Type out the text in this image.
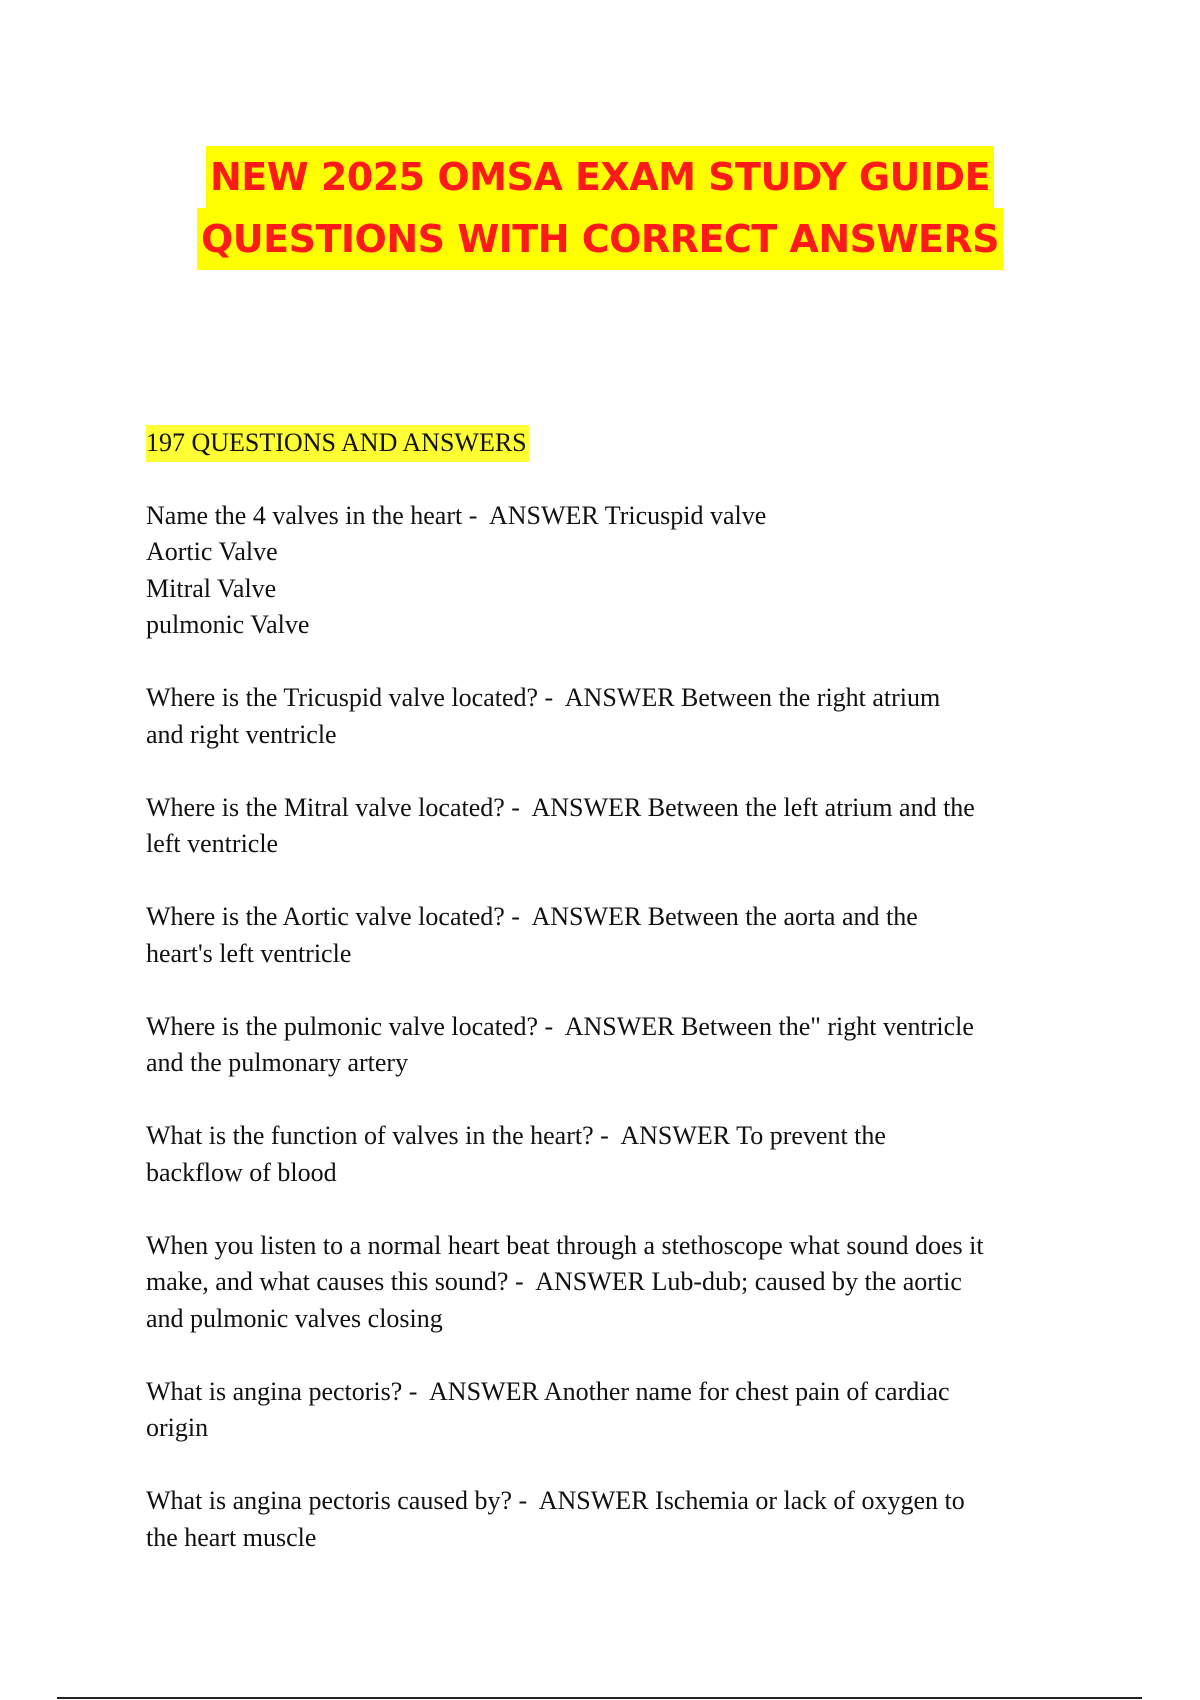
NEW 2025 OMSA EXAM STUDY GUIDE
QUESTIONS WITH CORRECT ANSWERS
197 QUESTIONS AND ANSWERS
Name the 4 valves in the heart -  ANSWER Tricuspid valve
Aortic Valve
Mitral Valve
pulmonic Valve
Where is the Tricuspid valve located? -  ANSWER Between the right atrium
and right ventricle
Where is the Mitral valve located? -  ANSWER Between the left atrium and the
left ventricle
Where is the Aortic valve located? -  ANSWER Between the aorta and the
heart's left ventricle
Where is the pulmonic valve located? -  ANSWER Between the" right ventricle
and the pulmonary artery
What is the function of valves in the heart? -  ANSWER To prevent the
backflow of blood
When you listen to a normal heart beat through a stethoscope what sound does it
make, and what causes this sound? -  ANSWER Lub-dub; caused by the aortic
and pulmonic valves closing
What is angina pectoris? -  ANSWER Another name for chest pain of cardiac
origin
What is angina pectoris caused by? -  ANSWER Ischemia or lack of oxygen to
the heart muscle
